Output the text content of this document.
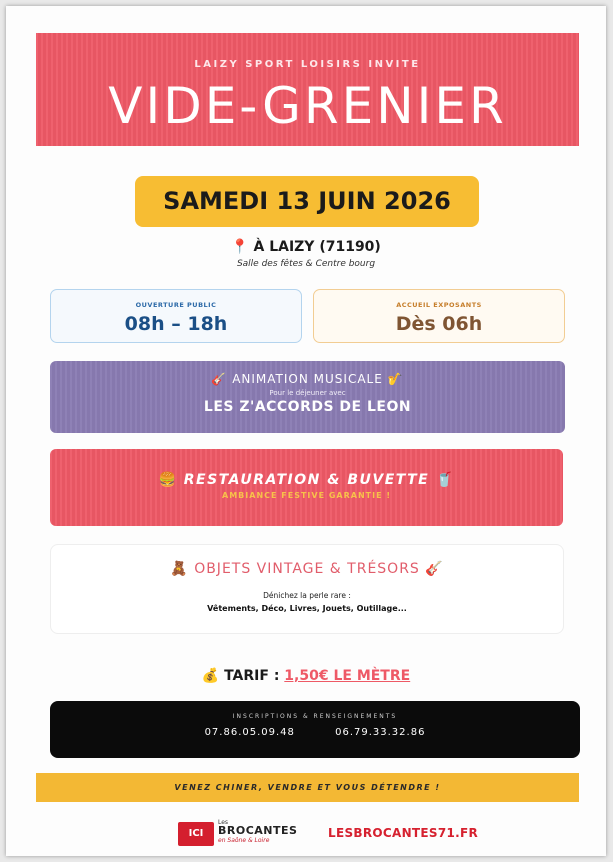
LAIZY SPORT LOISIRS INVITE
VIDE-GRENIER
SAMEDI 13 JUIN 2026
📍 À LAIZY (71190)
Salle des fêtes & Centre bourg
OUVERTURE PUBLIC
08h – 18h
ACCUEIL EXPOSANTS
Dès 06h
🎸 ANIMATION MUSICALE 🎷
Pour le déjeuner avec
LES Z'ACCORDS DE LEON
🍔 RESTAURATION & BUVETTE 🥤
AMBIANCE FESTIVE GARANTIE !
🧸 OBJETS VINTAGE & TRÉSORS 🎸
Dénichez la perle rare :
Vêtements, Déco, Livres, Jouets, Outillage...
💰 TARIF : 1,50€ LE MÈTRE
INSCRIPTIONS & RENSEIGNEMENTS
07.86.05.09.48	06.79.33.32.86
VENEZ CHINER, VENDRE ET VOUS DÉTENDRE !
ICI
Les
BROCANTES
en Saône & Loire
LESBROCANTES71.FR
